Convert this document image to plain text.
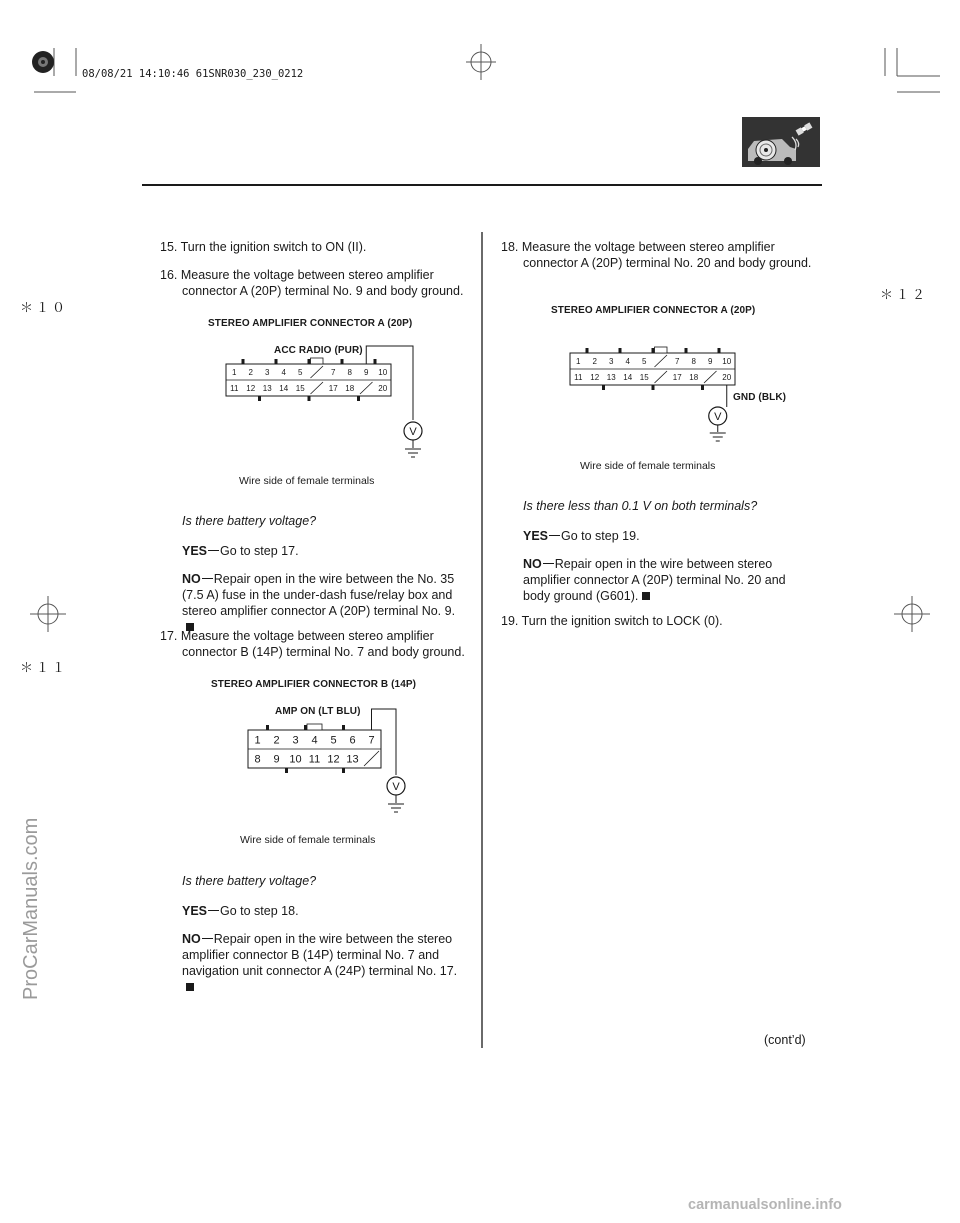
08/08/21 14:10:46 61SNR030_230_0212
＊１０
＊１１
＊１２
15. Turn the ignition switch to ON (II).
16. Measure the voltage between stereo amplifier connector A (20P) terminal No. 9 and body ground.
STEREO AMPLIFIER CONNECTOR A (20P)
ACC RADIO (PUR)
1 2 3 4 5	7 8 9 10
11 12 13 14 15	17 18	20
V
Wire side of female terminals
Is there battery voltage?
YES Go to step 17.
NO Repair open in the wire between the No. 35 (7.5 A) fuse in the under-dash fuse/relay box and stereo amplifier connector A (20P) terminal No. 9.
17. Measure the voltage between stereo amplifier connector B (14P) terminal No. 7 and body ground.
STEREO AMPLIFIER CONNECTOR B (14P)
AMP ON (LT BLU)
1 2 3 4 5 6 7
8 9 10 11 12 13
V
Wire side of female terminals
Is there battery voltage?
YES Go to step 18.
NO Repair open in the wire between the stereo amplifier connector B (14P) terminal No. 7 and navigation unit connector A (24P) terminal No. 17.
18. Measure the voltage between stereo amplifier connector A (20P) terminal No. 20 and body ground.
STEREO AMPLIFIER CONNECTOR A (20P)
1 2 3 4 5	7 8 9 10
11 12 13 14 15	17 18	20
V
GND (BLK)
Wire side of female terminals
Is there less than 0.1 V on both terminals?
YES Go to step 19.
NO Repair open in the wire between stereo amplifier connector A (20P) terminal No. 20 and body ground (G601).
19. Turn the ignition switch to LOCK (0).
(cont’d)
ProCarManuals.com
carmanualsonline.info
